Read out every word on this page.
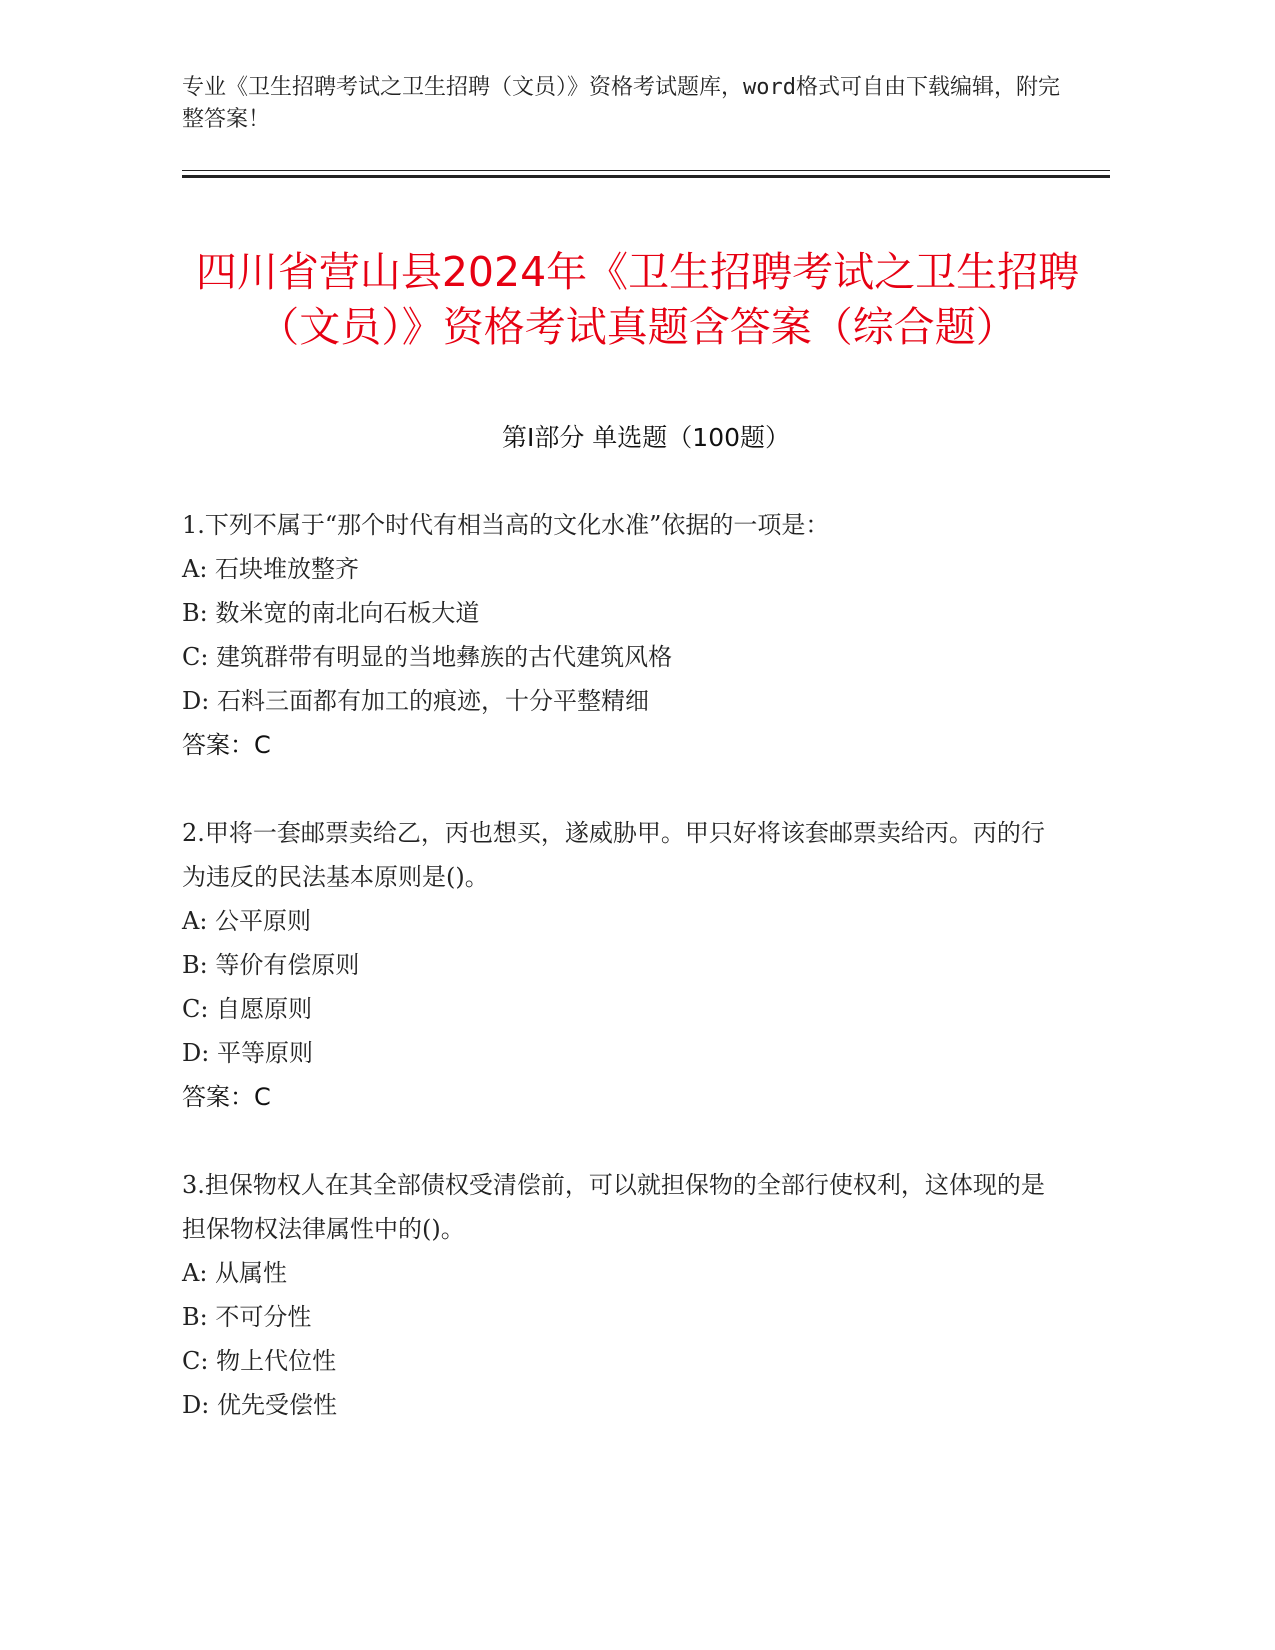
专业《卫生招聘考试之卫生招聘（文员）》资格考试题库，word格式可自由下载编辑，附完整答案！
四川省营山县2024年《卫生招聘考试之卫生招聘（文员）》资格考试真题含答案（综合题）
第I部分 单选题（100题）

1.下列不属于“那个时代有相当高的文化水准”依据的一项是：

A: 石块堆放整齐

B: 数米宽的南北向石板大道

C: 建筑群带有明显的当地彝族的古代建筑风格

D: 石料三面都有加工的痕迹，十分平整精细

答案：C

2.甲将一套邮票卖给乙，丙也想买，遂威胁甲。甲只好将该套邮票卖给丙。丙的行为违反的民法基本原则是()。

A: 公平原则

B: 等价有偿原则

C: 自愿原则

D: 平等原则

答案：C

3.担保物权人在其全部债权受清偿前，可以就担保物的全部行使权利，这体现的是担保物权法律属性中的()。

A: 从属性

B: 不可分性

C: 物上代位性

D: 优先受偿性
